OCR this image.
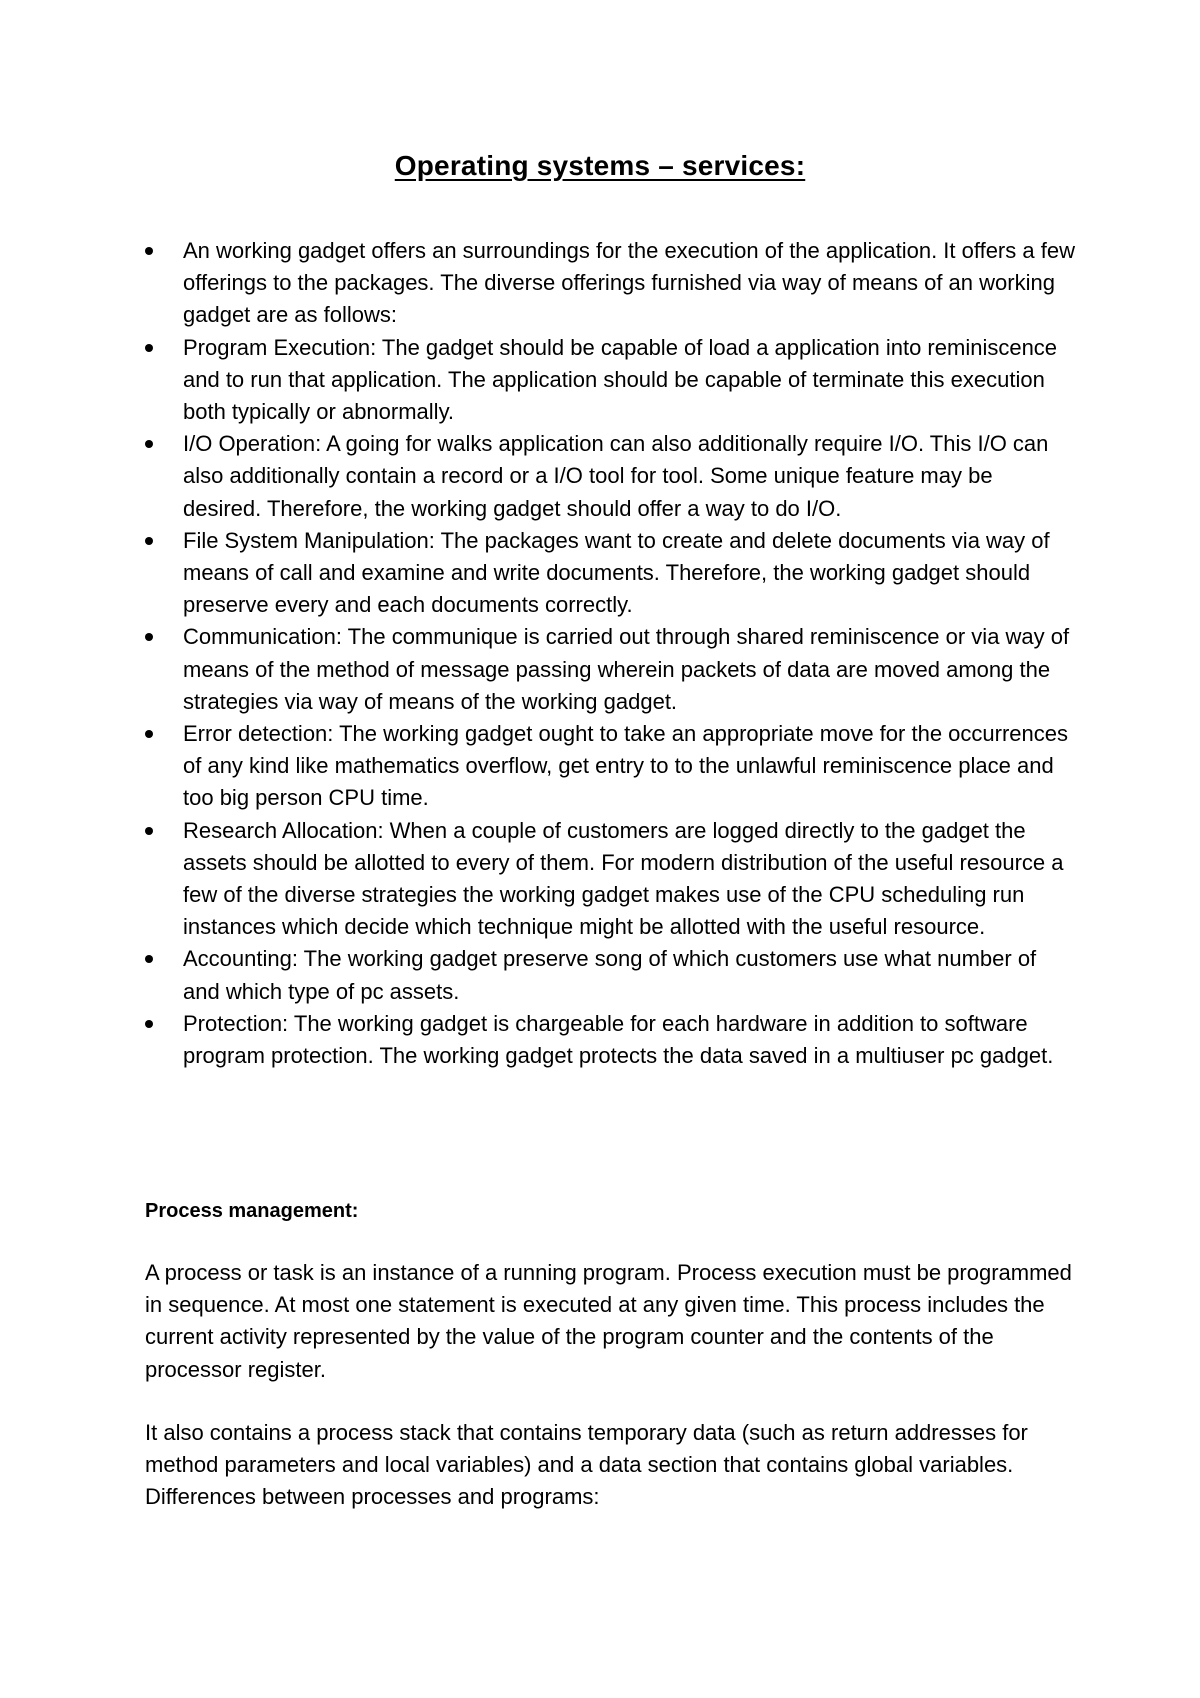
Operating systems – services:
An working gadget offers an surroundings for the execution of the application. It offers a few offerings to the packages. The diverse offerings furnished via way of means of an working gadget are as follows:
Program Execution: The gadget should be capable of load a application into reminiscence and to run that application. The application should be capable of terminate this execution both typically or abnormally.
I/O Operation: A going for walks application can also additionally require I/O. This I/O can also additionally contain a record or a I/O tool for tool. Some unique feature may be desired. Therefore, the working gadget should offer a way to do I/O.
File System Manipulation: The packages want to create and delete documents via way of means of call and examine and write documents. Therefore, the working gadget should preserve every and each documents correctly.
Communication: The communique is carried out through shared reminiscence or via way of means of the method of message passing wherein packets of data are moved among the strategies via way of means of the working gadget.
Error detection: The working gadget ought to take an appropriate move for the occurrences of any kind like mathematics overflow, get entry to to the unlawful reminiscence place and too big person CPU time.
Research Allocation: When a couple of customers are logged directly to the gadget the assets should be allotted to every of them. For modern distribution of the useful resource a few of the diverse strategies the working gadget makes use of the CPU scheduling run instances which decide which technique might be allotted with the useful resource.
Accounting: The working gadget preserve song of which customers use what number of and which type of pc assets.
Protection: The working gadget is chargeable for each hardware in addition to software program protection. The working gadget protects the data saved in a multiuser pc gadget.
Process management:

A process or task is an instance of a running program. Process execution must be programmed in sequence. At most one statement is executed at any given time. This process includes the current activity represented by the value of the program counter and the contents of the processor register.

It also contains a process stack that contains temporary data (such as return addresses for method parameters and local variables) and a data section that contains global variables. Differences between processes and programs:
